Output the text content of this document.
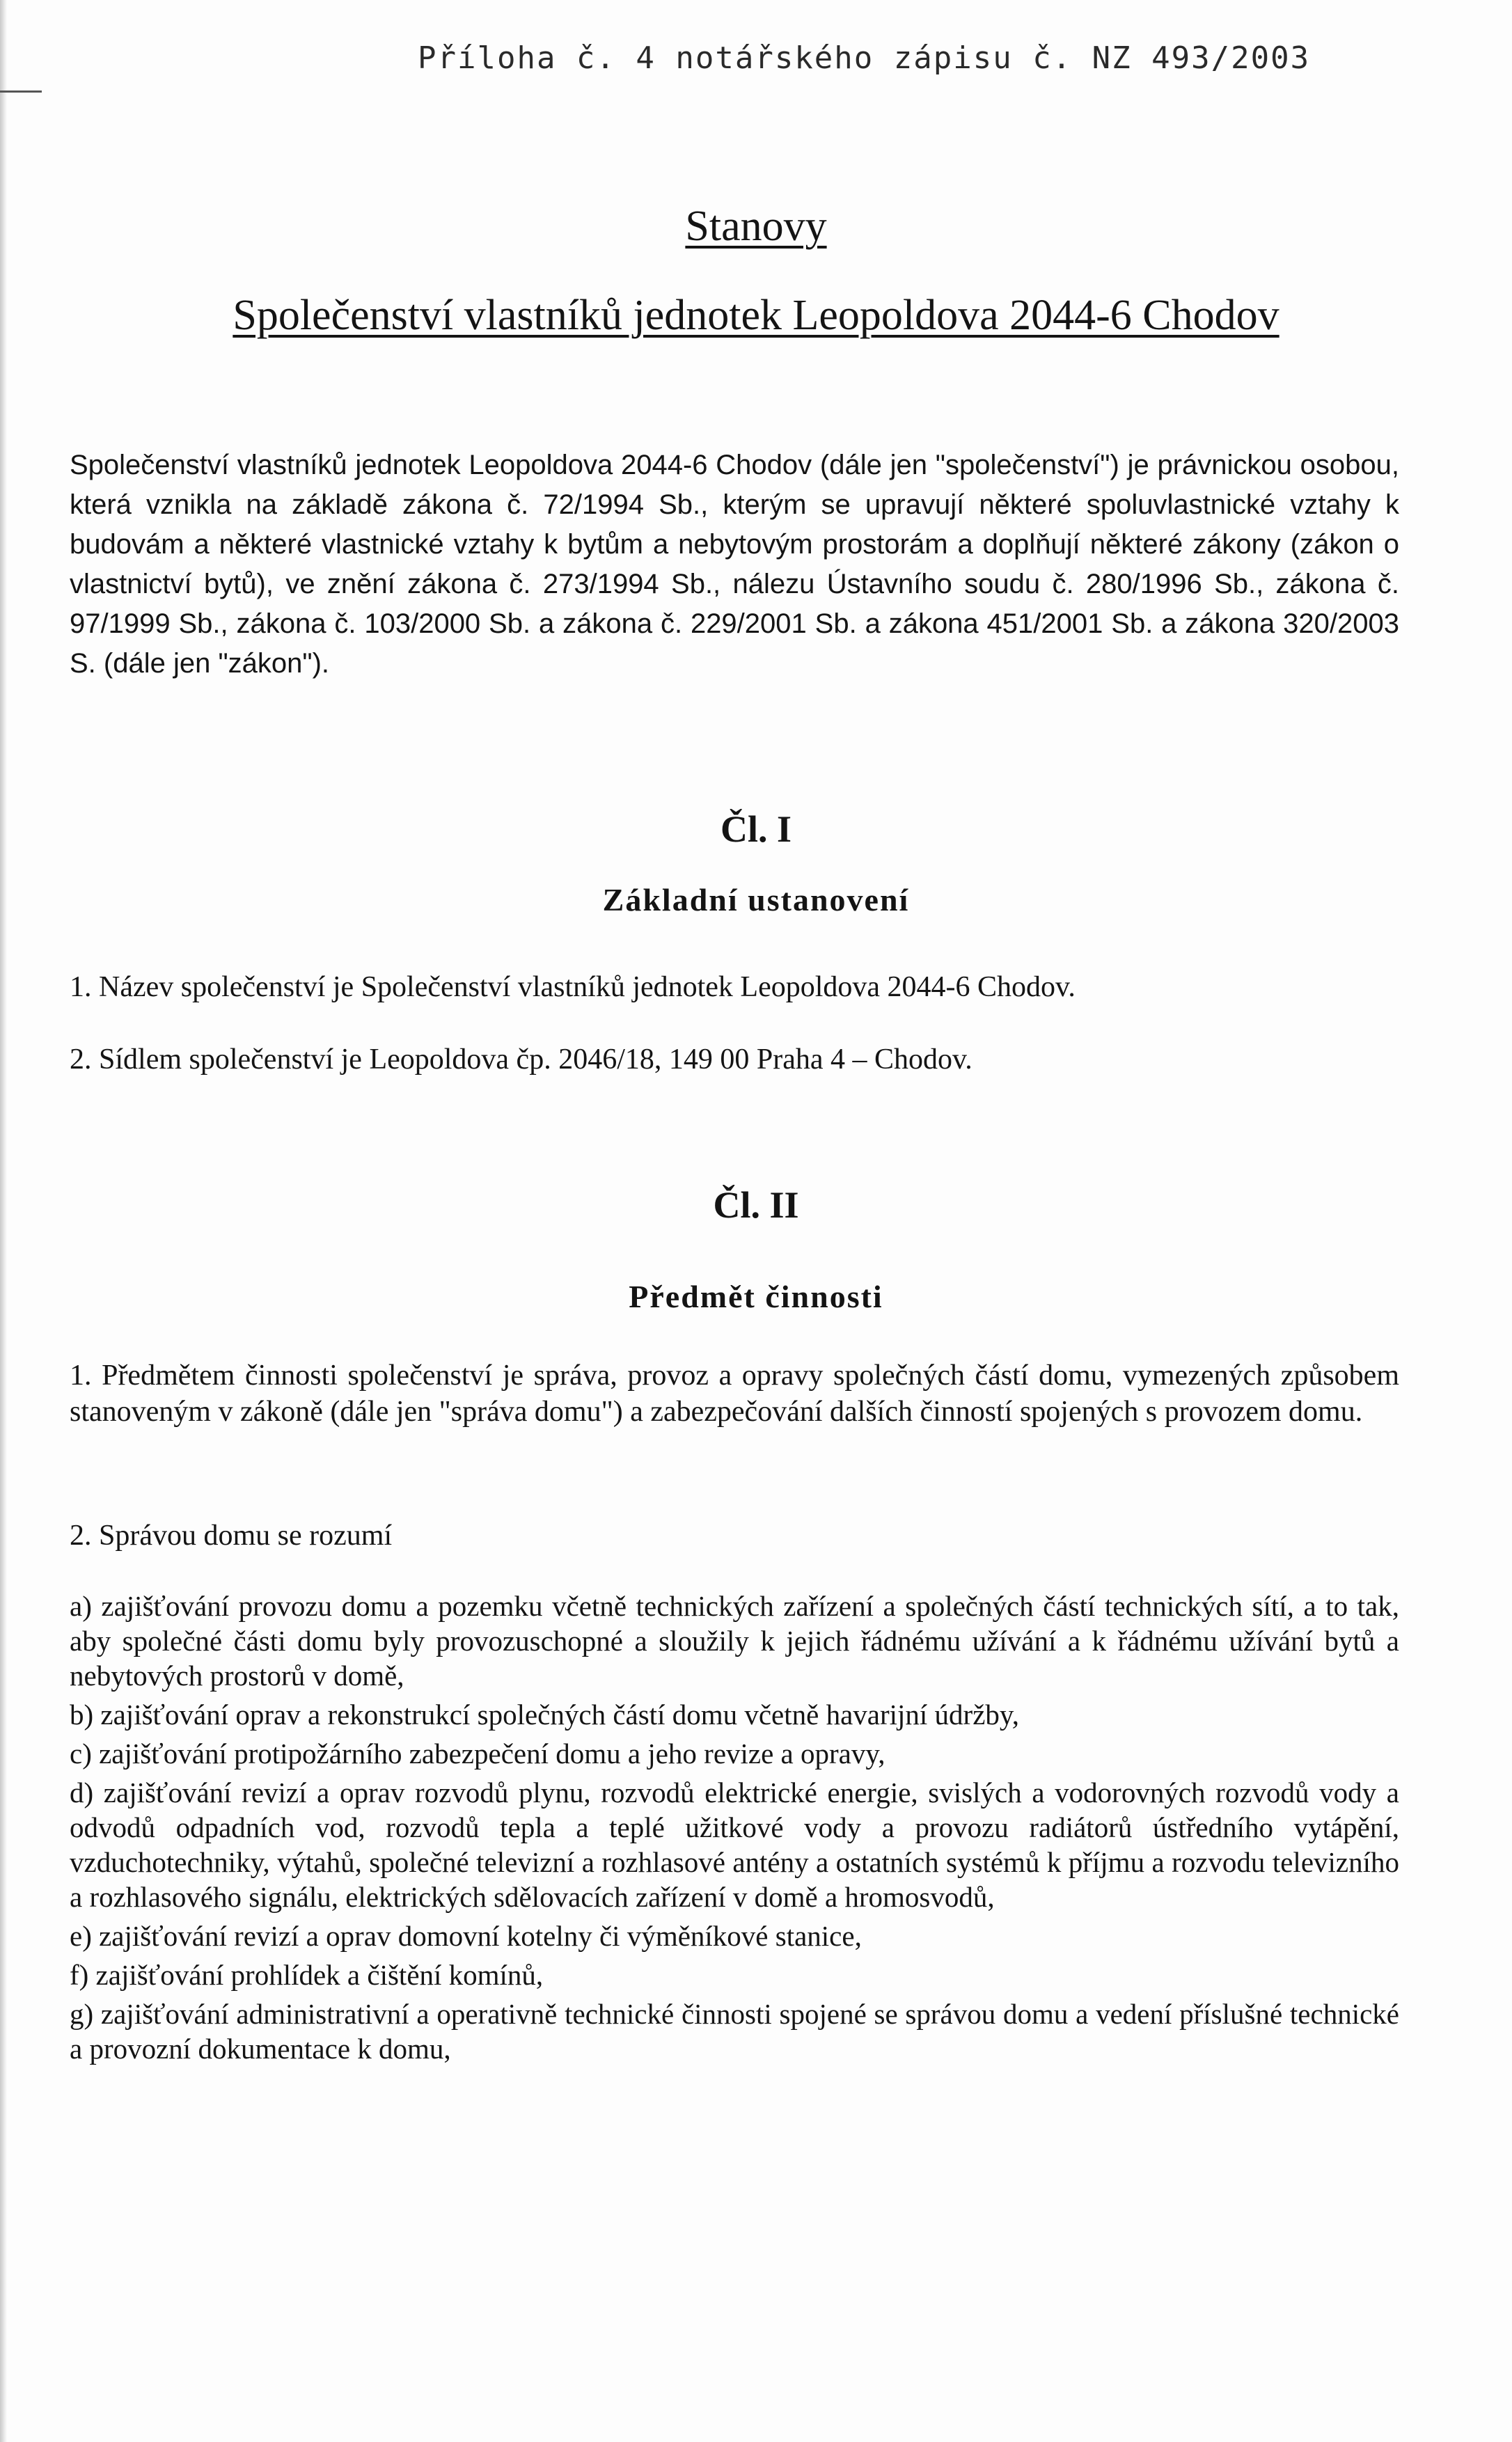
Příloha č. 4 notářského zápisu č. NZ 493/2003
Stanovy
Společenství vlastníků jednotek Leopoldova 2044-6 Chodov
Společenství vlastníků jednotek Leopoldova 2044-6 Chodov (dále jen "společenství") je právnickou osobou, která vznikla na základě zákona č. 72/1994 Sb., kterým se upravují některé spoluvlastnické vztahy k budovám a některé vlastnické vztahy k bytům a nebytovým prostorám a doplňují některé zákony (zákon o vlastnictví bytů), ve znění zákona č. 273/1994 Sb., nálezu Ústavního soudu č. 280/1996 Sb., zákona č. 97/1999 Sb., zákona č. 103/2000 Sb. a zákona č. 229/2001 Sb. a zákona 451/2001 Sb. a zákona 320/2003 S. (dále jen "zákon").
Čl. I
Základní ustanovení
1. Název společenství je Společenství vlastníků jednotek Leopoldova 2044-6 Chodov.
2. Sídlem společenství je Leopoldova čp. 2046/18, 149 00 Praha 4 – Chodov.
Čl. II
Předmět činnosti
1. Předmětem činnosti společenství je správa, provoz a opravy společných částí domu, vymezených způsobem stanoveným v zákoně (dále jen "správa domu") a zabezpečování dalších činností spojených s provozem domu.
2. Správou domu se rozumí
a) zajišťování provozu domu a pozemku včetně technických zařízení a společných částí technických sítí, a to tak, aby společné části domu byly provozuschopné a sloužily k jejich řádnému užívání a k řádnému užívání bytů a nebytových prostorů v domě,
b) zajišťování oprav a rekonstrukcí společných částí domu včetně havarijní údržby,
c) zajišťování protipožárního zabezpečení domu a jeho revize a opravy,
d) zajišťování revizí a oprav rozvodů plynu, rozvodů elektrické energie, svislých a vodorovných rozvodů vody a odvodů odpadních vod, rozvodů tepla a teplé užitkové vody a provozu radiátorů ústředního vytápění, vzduchotechniky, výtahů, společné televizní a rozhlasové antény a ostatních systémů k příjmu a rozvodu televizního a rozhlasového signálu, elektrických sdělovacích zařízení v domě a hromosvodů,
e) zajišťování revizí a oprav domovní kotelny či výměníkové stanice,
f) zajišťování prohlídek a čištění komínů,
g) zajišťování administrativní a operativně technické činnosti spojené se správou domu a vedení příslušné technické a provozní dokumentace k domu,
